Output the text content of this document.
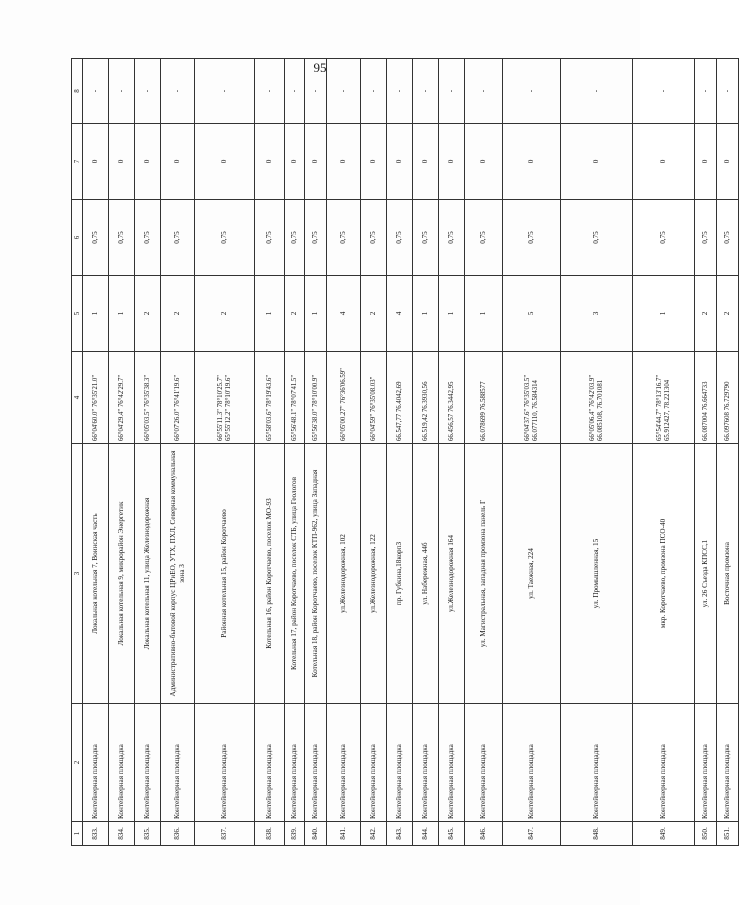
95
1	2	3	4	5	6	7	8
833.	Контейнерная площадка	Локальная котельная 7, Воинская часть	66°04'60.0" 76°35'21.0"	1	0,75	0	-
834.	Контейнерная площадка	Локальная котельная 9, микрорайон Энергетик	66°04'29.4" 76°42'29.7"	1	0,75	0	-
835.	Контейнерная площадка	Локальная котельная 11, улица Железнодорожная	66°05'03.5" 76°35'38.3"	2	0,75	0	-
836.	Контейнерная площадка	Административно-бытовой корпус ЦРиЕО, УТХ, ПХЛ, Северная коммунальная зона 3	66°07'26.0" 76°41'19.6"	2	0,75	0	-
837.	Контейнерная площадка	Районная котельная 15, район Коротчаево	66°55'11.3" 78°10'25.7" 65°55'12.2" 78°10'19.6"	2	0,75	0	-
838.	Контейнерная площадка	Котельная 16, район Коротчаево, поселок МО-93	65°58'03.6" 78°19'43.6"	1	0,75	0	-
839.	Контейнерная площадка	Котельная 17, район Коротчаево, поселок СТБ, улица Геологов	65°56'48.1" 78°07'41.5"	2	0,75	0	-
840.	Контейнерная площадка	Котельная 18, район Коротчаево, поселок КТП-962, улица Западная	65°56'38.0" 78°10'00.9"	1	0,75	0	-
841.	Контейнерная площадка	ул.Железнодорожная, 102	66°05'00.27" 76°36'06.59"	4	0,75	0	-
842.	Контейнерная площадка	ул.Железнодорожная, 122	66°04'59" 76°35'08.03"	2	0,75	0	-
843.	Контейнерная площадка	пр. Губкина,18корп3	66.547,77 76.4042,69	4	0,75	0	-
844.	Контейнерная площадка	ул. Набережная, 44б	66.519,42 76.3930,56	1	0,75	0	-
845.	Контейнерная площадка	ул.Железнодорожная 164	66.456,57 76.3442,95	1	0,75	0	-
846.	Контейнерная площадка	ул. Магистральная, западная промзона панель Г	66.078699 76.588577	1	0,75	0	-
847.	Контейнерная площадка	ул. Таежная, 224	66°04'37.6" 76°35'03.5" 66.077110, 76.584314	5	0,75	0	-
848.	Контейнерная площадка	ул. Промышленная, 15	66°05'06.4" 76°42'03.9" 66.085108, 76.701081	3	0,75	0	-
849.	Контейнерная площадка	мкр. Коротчаево, промзона ПСО-40	65°54'44.7" 78°13'16.7" 65.912427, 78.221304	1	0,75	0	-
850.	Контейнерная площадка	ул. 26 Съезда КПСС,1	66.087004 76.664733	2	0,75	0	-
851.	Контейнерная площадка	Восточная промзона	66.097608 76.729790	2	0,75	0	-
